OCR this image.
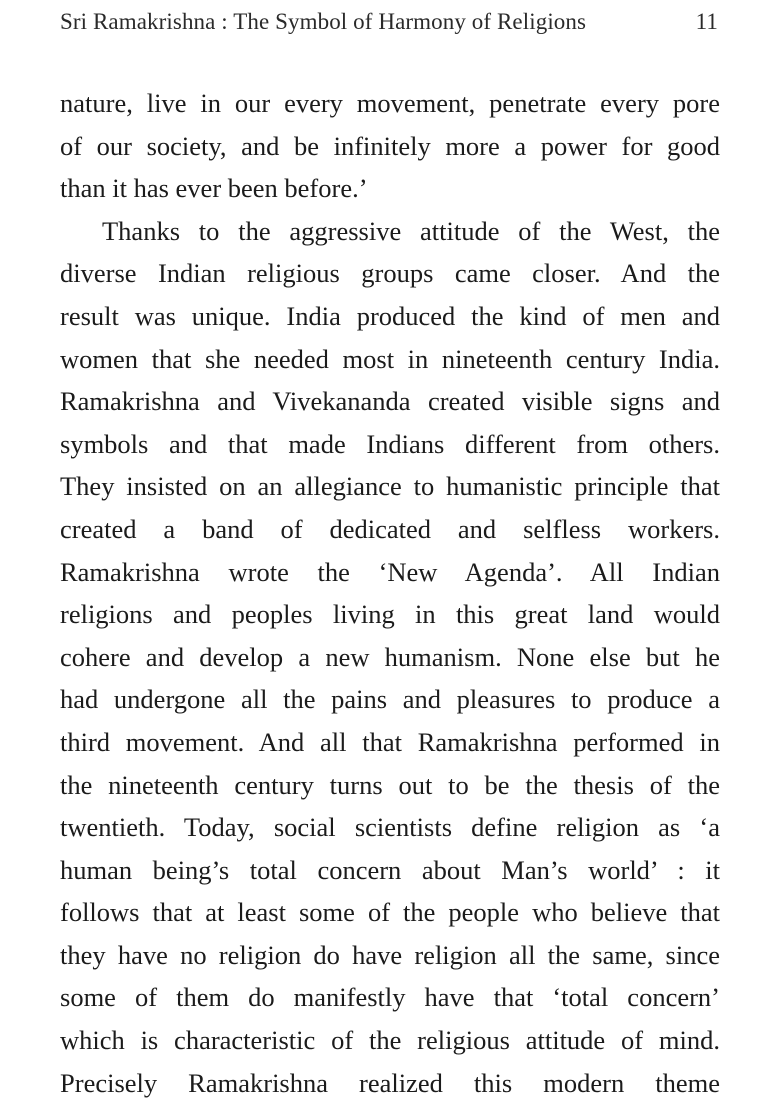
Sri Ramakrishna : The Symbol of Harmony of Religions	11
nature, live in our every movement, penetrate every pore
of our society, and be infinitely more a power for good
than it has ever been before.’
Thanks to the aggressive attitude of the West, the
diverse Indian religious groups came closer. And the
result was unique. India produced the kind of men and
women that she needed most in nineteenth century India.
Ramakrishna and Vivekananda created visible signs and
symbols and that made Indians different from others.
They insisted on an allegiance to humanistic principle that
created a band of dedicated and selfless workers.
Ramakrishna wrote the ‘New Agenda’. All Indian
religions and peoples living in this great land would
cohere and develop a new humanism. None else but he
had undergone all the pains and pleasures to produce a
third movement. And all that Ramakrishna performed in
the nineteenth century turns out to be the thesis of the
twentieth. Today, social scientists define religion as ‘a
human being’s total concern about Man’s world’ : it
follows that at least some of the people who believe that
they have no religion do have religion all the same, since
some of them do manifestly have that ‘total concern’
which is characteristic of the religious attitude of mind.
Precisely Ramakrishna realized this modern theme
